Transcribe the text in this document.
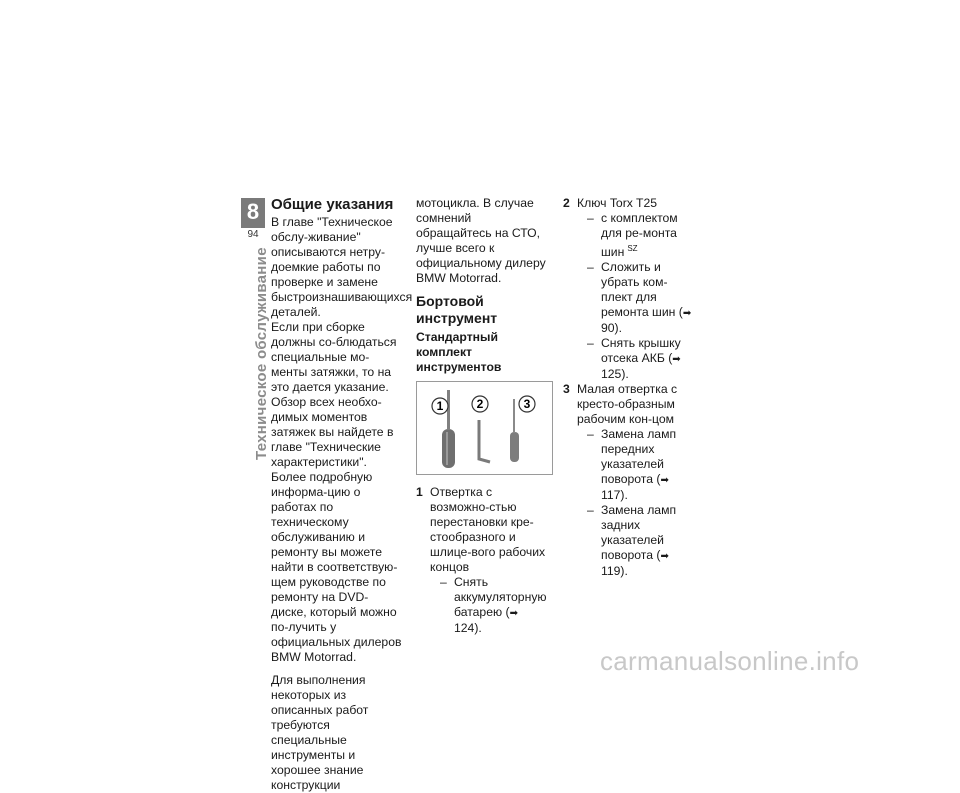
8
94
Техническое обслуживание
Общие указания

В главе "Техническое обслу-живание" описываются нетру-доемкие работы по проверке и замене быстроизнашивающихся деталей.

Если при сборке должны со-блюдаться специальные мо-менты затяжки, то на это дается указание. Обзор всех необхо-димых моментов затяжек вы найдете в главе "Технические характеристики".

Более подробную информа-цию о работах по техническому обслуживанию и ремонту вы можете найти в соответствую-щем руководстве по ремонту на DVD-диске, который можно по-лучить у официальных дилеров BMW Motorrad.

Для выполнения некоторых из описанных работ требуются специальные инструменты и хорошее знание конструкции

мотоцикла. В случае сомнений обращайтесь на СТО, лучше всего к официальному дилеру BMW Motorrad.

Бортовой инструмент
Стандартный комплект инструментов
1	2	3
1 Отвертка с возможно-стью перестановки кре-стообразного и шлице-вого рабочих концов

– Снять аккумуляторную батарею (➡ 124).
2 Ключ Torx T25

– с комплектом для ре-монта шин $^{SZ}$
– Сложить и убрать ком-плект для ремонта шин (➡ 90).
– Снять крышку отсека АКБ (➡ 125).
3 Малая отвертка с кресто-образным рабочим кон-цом

– Замена ламп передних указателей поворота (➡ 117).
– Замена ламп задних указателей поворота (➡ 119).
carmanualsonline.info
